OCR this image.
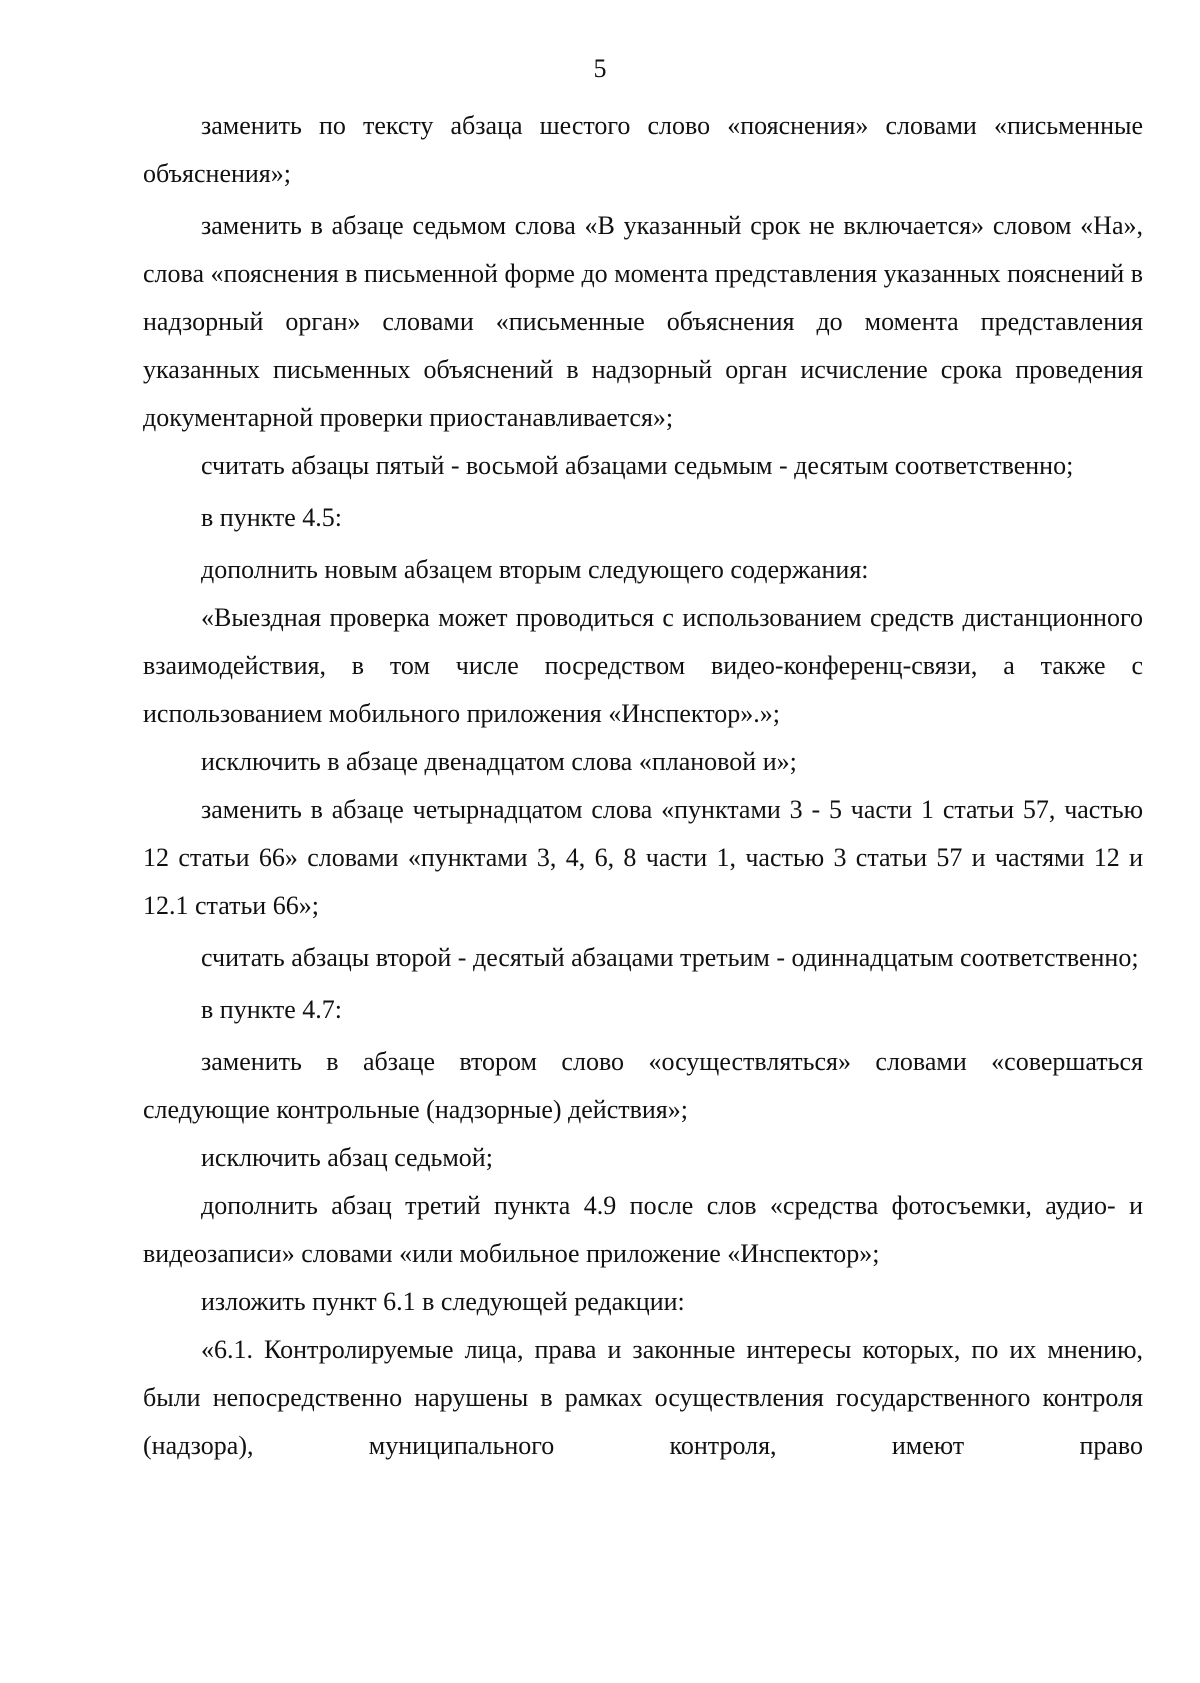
5

заменить по тексту абзаца шестого слово «пояснения» словами «письменные объяснения»;

заменить в абзаце седьмом слова «В указанный срок не включается» словом «На», слова «пояснения в письменной форме до момента представления указанных пояснений в надзорный орган» словами «письменные объяснения до момента представления указанных письменных объяснений в надзорный орган исчисление срока проведения документарной проверки приостанавливается»;

считать абзацы пятый - восьмой абзацами седьмым - десятым соответственно;

в пункте 4.5:

дополнить новым абзацем вторым следующего содержания:

«Выездная проверка может проводиться с использованием средств дистанционного взаимодействия, в том числе посредством видео-конференц-связи, а также с использованием мобильного приложения «Инспектор».»;

исключить в абзаце двенадцатом слова «плановой и»;

заменить в абзаце четырнадцатом слова «пунктами 3 - 5 части 1 статьи 57, частью 12 статьи 66» словами «пунктами 3, 4, 6, 8 части 1, частью 3 статьи 57 и частями 12 и 12.1 статьи 66»;

считать абзацы второй - десятый абзацами третьим - одиннадцатым соответственно;

в пункте 4.7:

заменить в абзаце втором слово «осуществляться» словами «совершаться следующие контрольные (надзорные) действия»;

исключить абзац седьмой;

дополнить абзац третий пункта 4.9 после слов «средства фотосъемки, аудио- и видеозаписи» словами «или мобильное приложение «Инспектор»;

изложить пункт 6.1 в следующей редакции:

«6.1. Контролируемые лица, права и законные интересы которых, по их мнению, были непосредственно нарушены в рамках осуществления государственного контроля (надзора), муниципального контроля, имеют право
